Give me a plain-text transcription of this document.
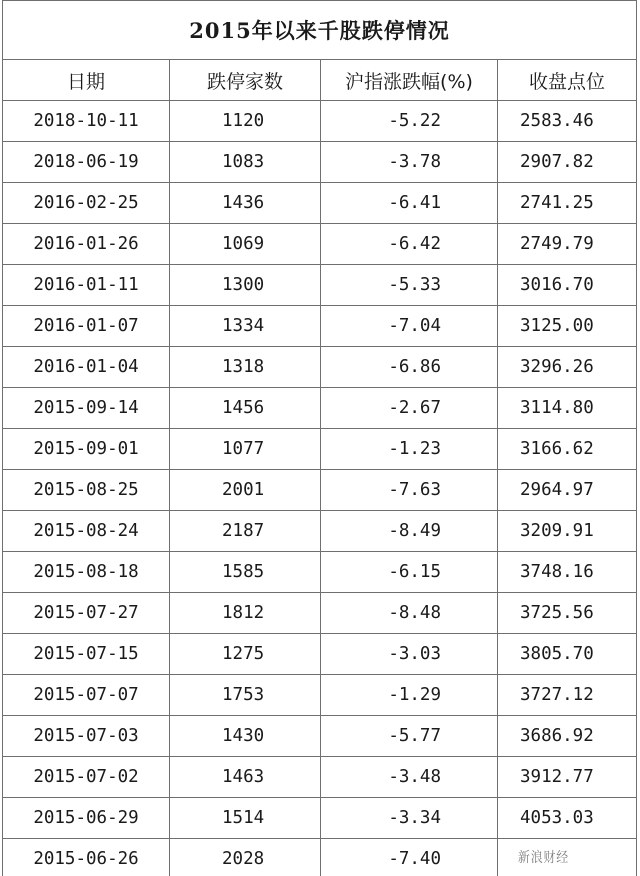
2015年以来千股跌停情况			
日期	跌停家数	沪指涨跌幅(%)	收盘点位
2018-10-11	1120	-5.22	2583.46
2018-06-19	1083	-3.78	2907.82
2016-02-25	1436	-6.41	2741.25
2016-01-26	1069	-6.42	2749.79
2016-01-11	1300	-5.33	3016.70
2016-01-07	1334	-7.04	3125.00
2016-01-04	1318	-6.86	3296.26
2015-09-14	1456	-2.67	3114.80
2015-09-01	1077	-1.23	3166.62
2015-08-25	2001	-7.63	2964.97
2015-08-24	2187	-8.49	3209.91
2015-08-18	1585	-6.15	3748.16
2015-07-27	1812	-8.48	3725.56
2015-07-15	1275	-3.03	3805.70
2015-07-07	1753	-1.29	3727.12
2015-07-03	1430	-5.77	3686.92
2015-07-02	1463	-3.48	3912.77
2015-06-29	1514	-3.34	4053.03
2015-06-26	2028	-7.40		新浪财经
